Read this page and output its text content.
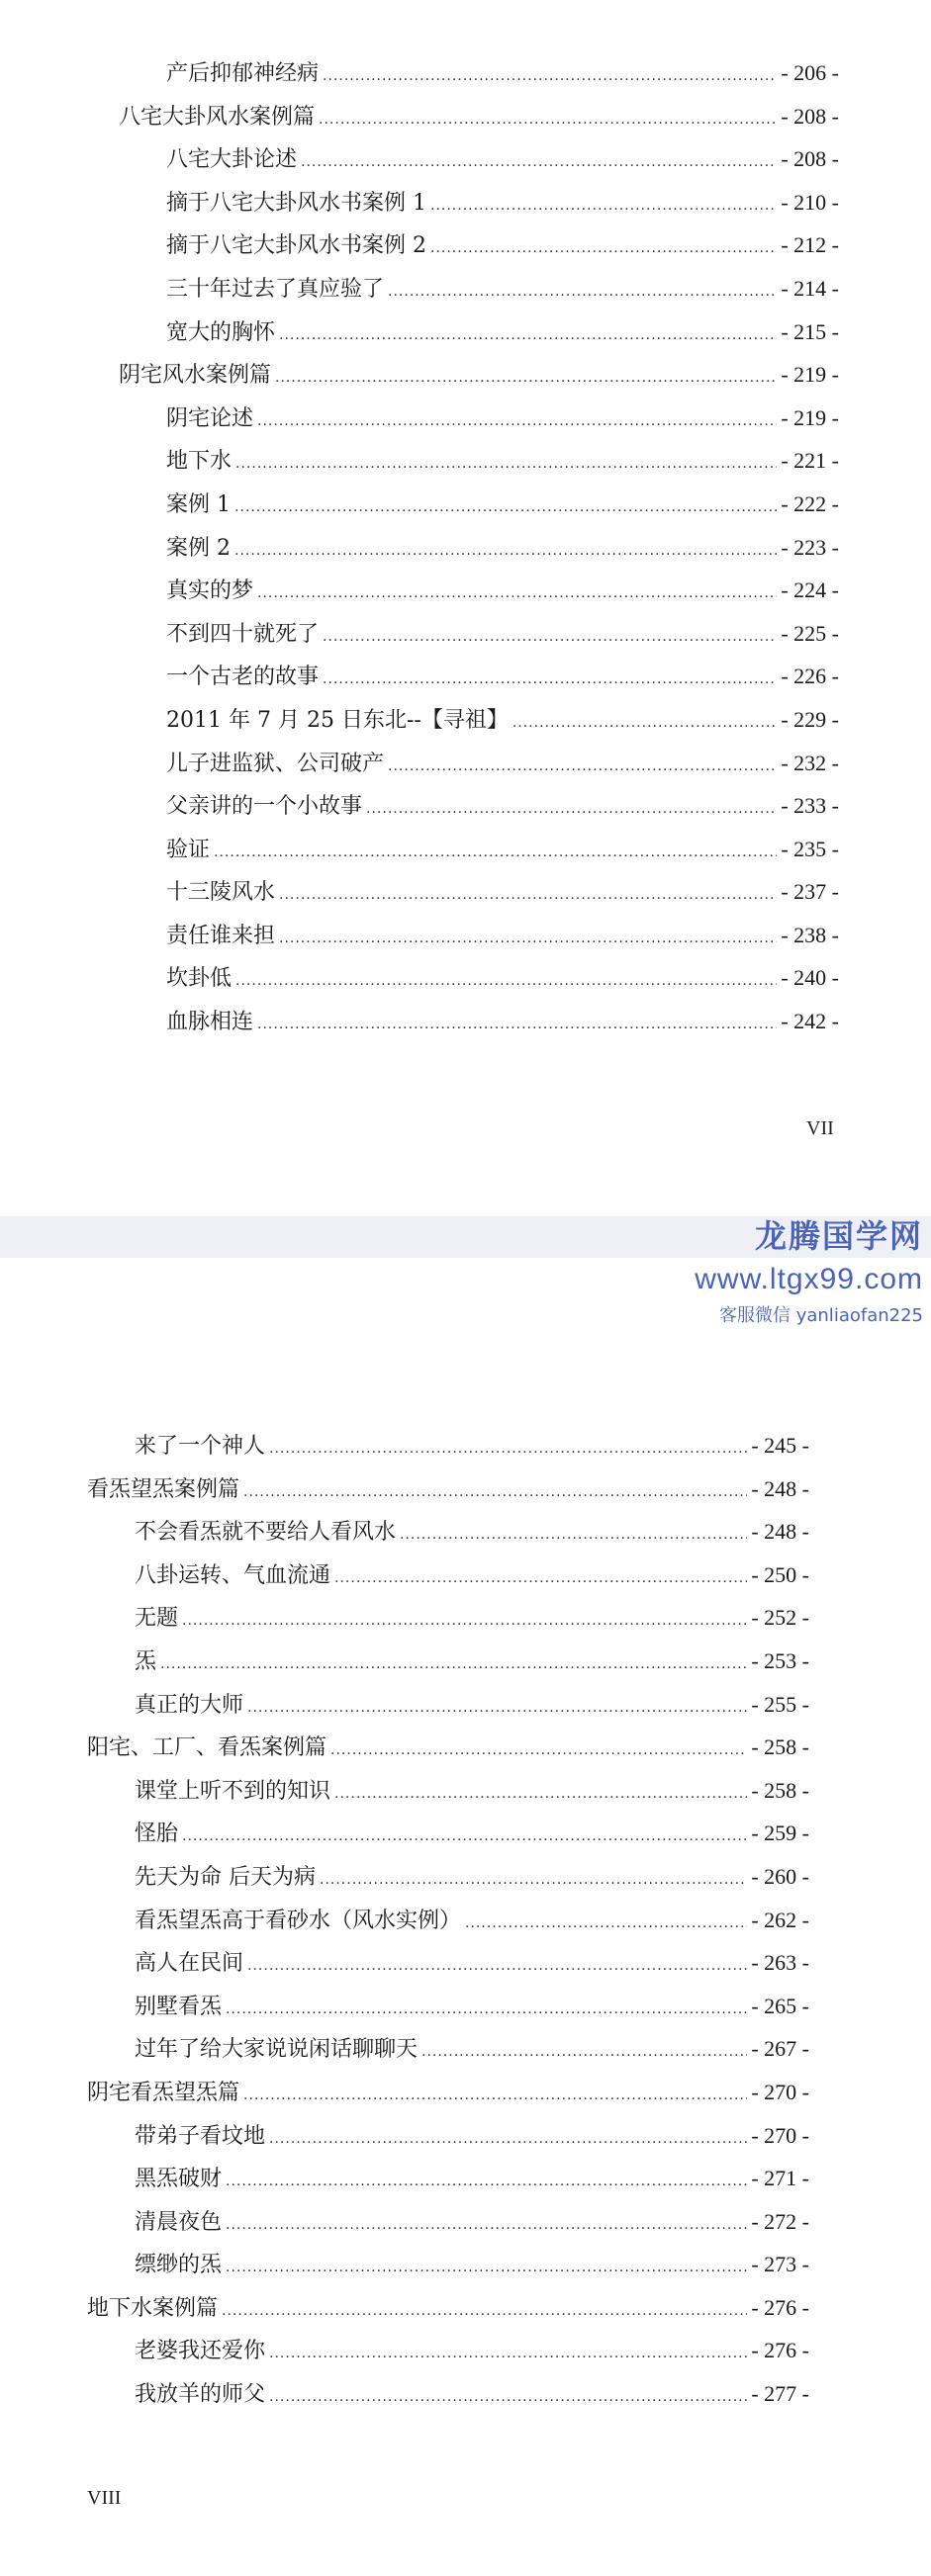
产后抑郁神经病 .....	- 206 -
八宅大卦风水案例篇 .....	- 208 -
八宅大卦论述 .....	- 208 -
摘于八宅大卦风水书案例 1 .....	- 210 -
摘于八宅大卦风水书案例 2 .....	- 212 -
三十年过去了真应验了 .....	- 214 -
宽大的胸怀 .....	- 215 -
阴宅风水案例篇 .....	- 219 -
阴宅论述 .....	- 219 -
地下水 .....	- 221 -
案例 1 .....	- 222 -
案例 2 .....	- 223 -
真实的梦 .....	- 224 -
不到四十就死了 .....	- 225 -
一个古老的故事 .....	- 226 -
2011 年 7 月 25 日东北--【寻祖】 .....	- 229 -
儿子进监狱、公司破产 .....	- 232 -
父亲讲的一个小故事 .....	- 233 -
验证 .....	- 235 -
十三陵风水 .....	- 237 -
责任谁来担 .....	- 238 -
坎卦低 .....	- 240 -
血脉相连 .....	- 242 -
VII
龙腾国学网
www.ltgx99.com
客服微信 yanliaofan225
来了一个神人 .....	- 245 -
看炁望炁案例篇 .....	- 248 -
不会看炁就不要给人看风水 .....	- 248 -
八卦运转、气血流通 .....	- 250 -
无题 .....	- 252 -
炁 .....	- 253 -
真正的大师 .....	- 255 -
阳宅、工厂、看炁案例篇 .....	- 258 -
课堂上听不到的知识 .....	- 258 -
怪胎 .....	- 259 -
先天为命 后天为病 .....	- 260 -
看炁望炁高于看砂水（风水实例） .....	- 262 -
高人在民间 .....	- 263 -
别墅看炁 .....	- 265 -
过年了给大家说说闲话聊聊天 .....	- 267 -
阴宅看炁望炁篇 .....	- 270 -
带弟子看坟地 .....	- 270 -
黑炁破财 .....	- 271 -
清晨夜色 .....	- 272 -
缥缈的炁 .....	- 273 -
地下水案例篇 .....	- 276 -
老婆我还爱你 .....	- 276 -
我放羊的师父 .....	- 277 -
VIII
